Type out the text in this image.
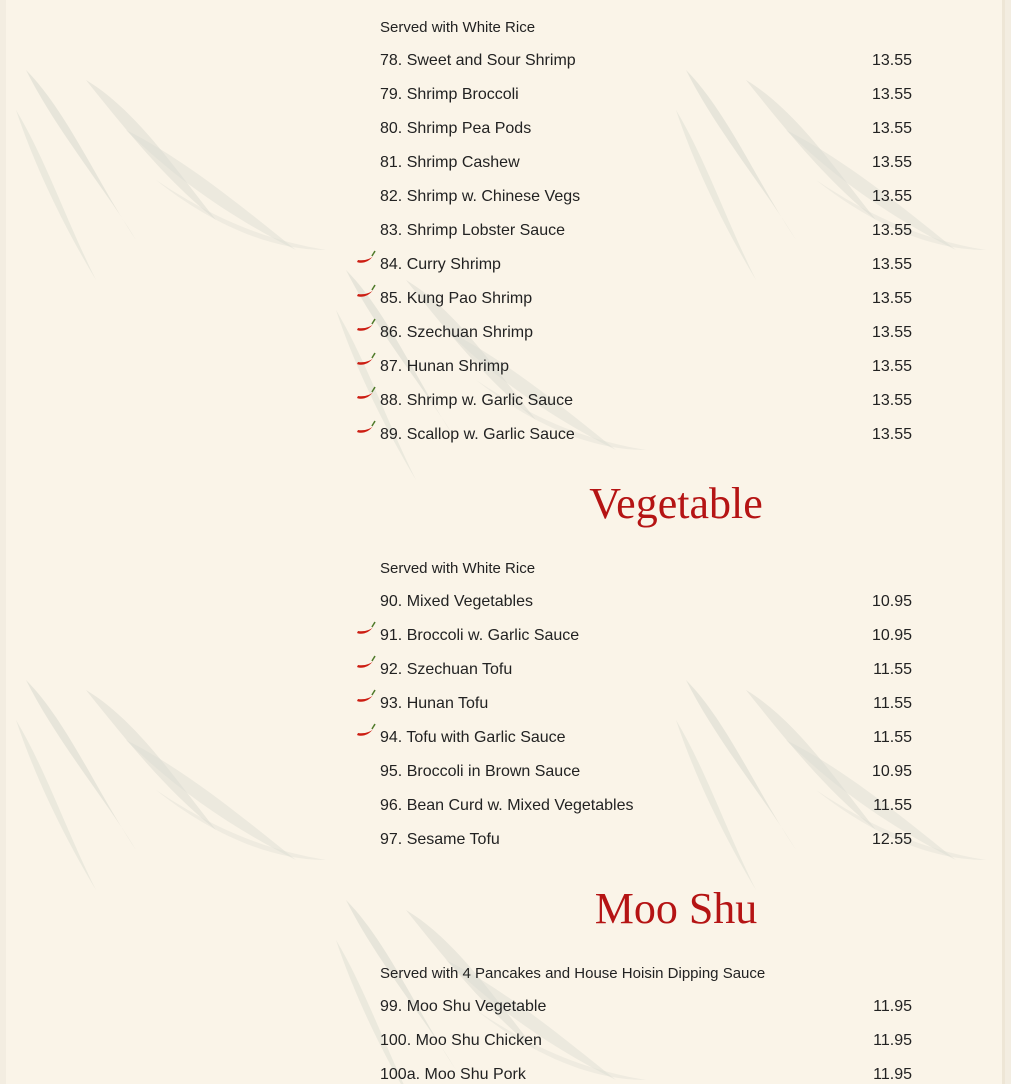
Served with White Rice
78. Sweet and Sour Shrimp	13.55
79. Shrimp Broccoli	13.55
80. Shrimp Pea Pods	13.55
81. Shrimp Cashew	13.55
82. Shrimp w. Chinese Vegs	13.55
83. Shrimp Lobster Sauce	13.55
84. Curry Shrimp	13.55
85. Kung Pao Shrimp	13.55
86. Szechuan Shrimp	13.55
87. Hunan Shrimp	13.55
88. Shrimp w. Garlic Sauce	13.55
89. Scallop w. Garlic Sauce	13.55
Vegetable
Served with White Rice
90. Mixed Vegetables	10.95
91. Broccoli w. Garlic Sauce	10.95
92. Szechuan Tofu	11.55
93. Hunan Tofu	11.55
94. Tofu with Garlic Sauce	11.55
95. Broccoli in Brown Sauce	10.95
96. Bean Curd w. Mixed Vegetables	11.55
97. Sesame Tofu	12.55
Moo Shu
Served with 4 Pancakes and House Hoisin Dipping Sauce
99. Moo Shu Vegetable	11.95
100. Moo Shu Chicken	11.95
100a. Moo Shu Pork	11.95
